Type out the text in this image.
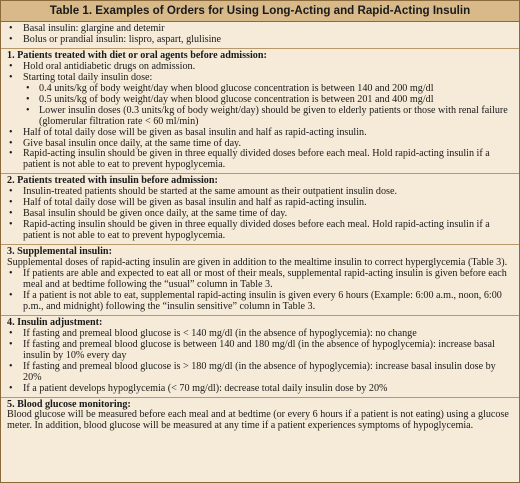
Table 1. Examples of Orders for Using Long-Acting and Rapid-Acting Insulin
• Basal insulin: glargine and detemir
• Bolus or prandial insulin: lispro, aspart, glulisine
1. Patients treated with diet or oral agents before admission:
• Hold oral antidiabetic drugs on admission.
• Starting total daily insulin dose:
• 0.4 units/kg of body weight/day when blood glucose concentration is between 140 and 200 mg/dl
• 0.5 units/kg of body weight/day when blood glucose concentration is between 201 and 400 mg/dl
• Lower insulin doses (0.3 units/kg of body weight/day) should be given to elderly patients or those with renal failure (glomerular filtration rate < 60 ml/min)
• Half of total daily dose will be given as basal insulin and half as rapid-acting insulin.
• Give basal insulin once daily, at the same time of day.
• Rapid-acting insulin should be given in three equally divided doses before each meal. Hold rapid-acting insulin if a patient is not able to eat to prevent hypoglycemia.
2. Patients treated with insulin before admission:
• Insulin-treated patients should be started at the same amount as their outpatient insulin dose.
• Half of total daily dose will be given as basal insulin and half as rapid-acting insulin.
• Basal insulin should be given once daily, at the same time of day.
• Rapid-acting insulin should be given in three equally divided doses before each meal. Hold rapid-acting insulin if a patient is not able to eat to prevent hypoglycemia.
3. Supplemental insulin:

Supplemental doses of rapid-acting insulin are given in addition to the mealtime insulin to correct hyperglycemia (Table 3).

• If patients are able and expected to eat all or most of their meals, supplemental rapid-acting insulin is given before each meal and at bedtime following the “usual” column in Table 3.
• If a patient is not able to eat, supplemental rapid-acting insulin is given every 6 hours (Example: 6:00 a.m., noon, 6:00 p.m., and midnight) following the “insulin sensitive” column in Table 3.
4. Insulin adjustment:
• If fasting and premeal blood glucose is < 140 mg/dl (in the absence of hypoglycemia): no change
• If fasting and premeal blood glucose is between 140 and 180 mg/dl (in the absence of hypoglycemia): increase basal insulin by 10% every day
• If fasting and premeal blood glucose is > 180 mg/dl (in the absence of hypoglycemia): increase basal insulin dose by 20%
• If a patient develops hypoglycemia (< 70 mg/dl): decrease total daily insulin dose by 20%
5. Blood glucose monitoring:

Blood glucose will be measured before each meal and at bedtime (or every 6 hours if a patient is not eating) using a glucose meter. In addition, blood glucose will be measured at any time if a patient experiences symptoms of hypoglycemia.
